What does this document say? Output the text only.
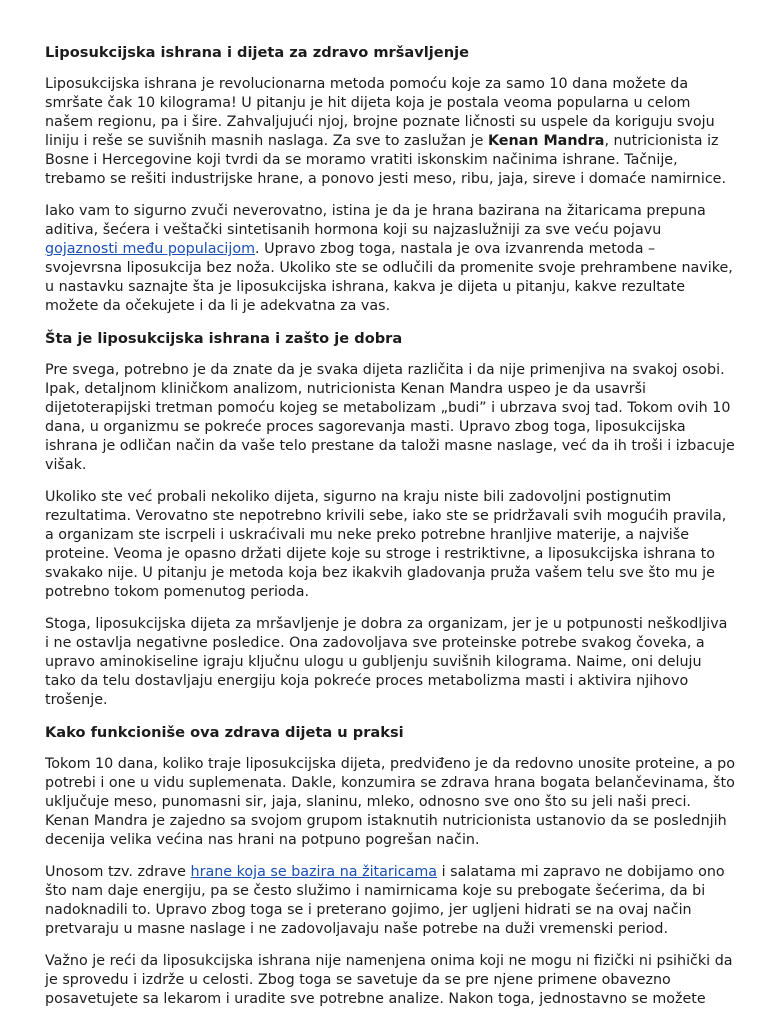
Liposukcijska ishrana i dijeta za zdravo mršavljenje

Liposukcijska ishrana je revolucionarna metoda pomoću koje za samo 10 dana možete da smršate čak 10 kilograma! U pitanju je hit dijeta koja je postala veoma popularna u celom našem regionu, pa i šire. Zahvaljujući njoj, brojne poznate ličnosti su uspele da koriguju svoju liniju i reše se suvišnih masnih naslaga. Za sve to zaslužan je Kenan Mandra, nutricionista iz Bosne i Hercegovine koji tvrdi da se moramo vratiti iskonskim načinima ishrane. Tačnije, trebamo se rešiti industrijske hrane, a ponovo jesti meso, ribu, jaja, sireve i domaće namirnice.

Iako vam to sigurno zvuči neverovatno, istina je da je hrana bazirana na žitaricama prepuna aditiva, šećera i veštački sintetisanih hormona koji su najzaslužniji za sve veću pojavu gojaznosti među populacijom. Upravo zbog toga, nastala je ova izvanrenda metoda – svojevrsna liposukcija bez noža. Ukoliko ste se odlučili da promenite svoje prehrambene navike, u nastavku saznajte šta je liposukcijska ishrana, kakva je dijeta u pitanju, kakve rezultate možete da očekujete i da li je adekvatna za vas.

Šta je liposukcijska ishrana i zašto je dobra

Pre svega, potrebno je da znate da je svaka dijeta različita i da nije primenjiva na svakoj osobi. Ipak, detaljnom kliničkom analizom, nutricionista Kenan Mandra uspeo je da usavrši dijetoterapijski tretman pomoću kojeg se metabolizam „budi” i ubrzava svoj tad. Tokom ovih 10 dana, u organizmu se pokreće proces sagorevanja masti. Upravo zbog toga, liposukcijska ishrana je odličan način da vaše telo prestane da taloži masne naslage, već da ih troši i izbacuje višak.

Ukoliko ste već probali nekoliko dijeta, sigurno na kraju niste bili zadovoljni postignutim rezultatima. Verovatno ste nepotrebno krivili sebe, iako ste se pridržavali svih mogućih pravila, a organizam ste iscrpeli i uskraćivali mu neke preko potrebne hranljive materije, a najviše proteine. Veoma je opasno držati dijete koje su stroge i restriktivne, a liposukcijska ishrana to svakako nije. U pitanju je metoda koja bez ikakvih gladovanja pruža vašem telu sve što mu je potrebno tokom pomenutog perioda.

Stoga, liposukcijska dijeta za mršavljenje je dobra za organizam, jer je u potpunosti neškodljiva i ne ostavlja negativne posledice. Ona zadovoljava sve proteinske potrebe svakog čoveka, a upravo aminokiseline igraju ključnu ulogu u gubljenju suvišnih kilograma. Naime, oni deluju tako da telu dostavljaju energiju koja pokreće proces metabolizma masti i aktivira njihovo trošenje.

Kako funkcioniše ova zdrava dijeta u praksi

Tokom 10 dana, koliko traje liposukcijska dijeta, predviđeno je da redovno unosite proteine, a po potrebi i one u vidu suplemenata. Dakle, konzumira se zdrava hrana bogata belančevinama, što uključuje meso, punomasni sir, jaja, slaninu, mleko, odnosno sve ono što su jeli naši preci. Kenan Mandra je zajedno sa svojom grupom istaknutih nutricionista ustanovio da se poslednjih decenija velika većina nas hrani na potpuno pogrešan način.

Unosom tzv. zdrave hrane koja se bazira na žitaricama i salatama mi zapravo ne dobijamo ono što nam daje energiju, pa se često služimo i namirnicama koje su prebogate šećerima, da bi nadoknadili to. Upravo zbog toga se i preterano gojimo, jer ugljeni hidrati se na ovaj način pretvaraju u masne naslage i ne zadovoljavaju naše potrebe na duži vremenski period.

Važno je reći da liposukcijska ishrana nije namenjena onima koji ne mogu ni fizički ni psihički da je sprovedu i izdrže u celosti. Zbog toga se savetuje da se pre njene primene obavezno posavetujete sa lekarom i uradite sve potrebne analize. Nakon toga, jednostavno se možete
